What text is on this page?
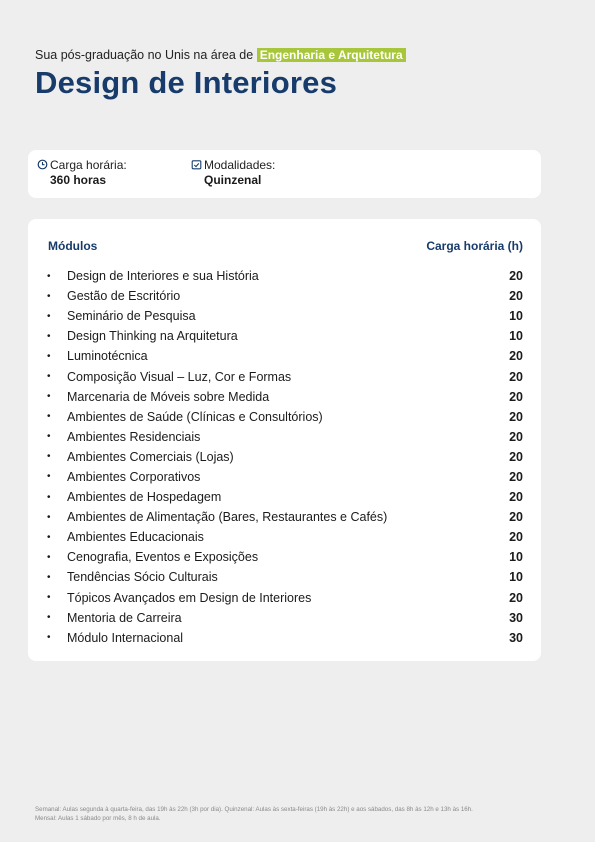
Sua pós-graduação no Unis na área de Engenharia e Arquitetura
Design de Interiores
Carga horária:
360 horas
Modalidades:
Quinzenal
Módulos	Carga horária (h)
•	Design de Interiores e sua História	20
•	Gestão de Escritório	20
•	Seminário de Pesquisa	10
•	Design Thinking na Arquitetura	10
•	Luminotécnica	20
•	Composição Visual – Luz, Cor e Formas	20
•	Marcenaria de Móveis sobre Medida	20
•	Ambientes de Saúde (Clínicas e Consultórios)	20
•	Ambientes Residenciais	20
•	Ambientes Comerciais (Lojas)	20
•	Ambientes Corporativos	20
•	Ambientes de Hospedagem	20
•	Ambientes de Alimentação (Bares, Restaurantes e Cafés)	20
•	Ambientes Educacionais	20
•	Cenografia, Eventos e Exposições	10
•	Tendências Sócio Culturais	10
•	Tópicos Avançados em Design de Interiores	20
•	Mentoria de Carreira	30
•	Módulo Internacional	30
Semanal: Aulas segunda à quarta-feira, das 19h às 22h (3h por dia). Quinzenal: Aulas às sexta-feiras (19h às 22h) e aos sábados, das 8h às 12h e 13h às 16h.
Mensal: Aulas 1 sábado por mês, 8 h de aula.
